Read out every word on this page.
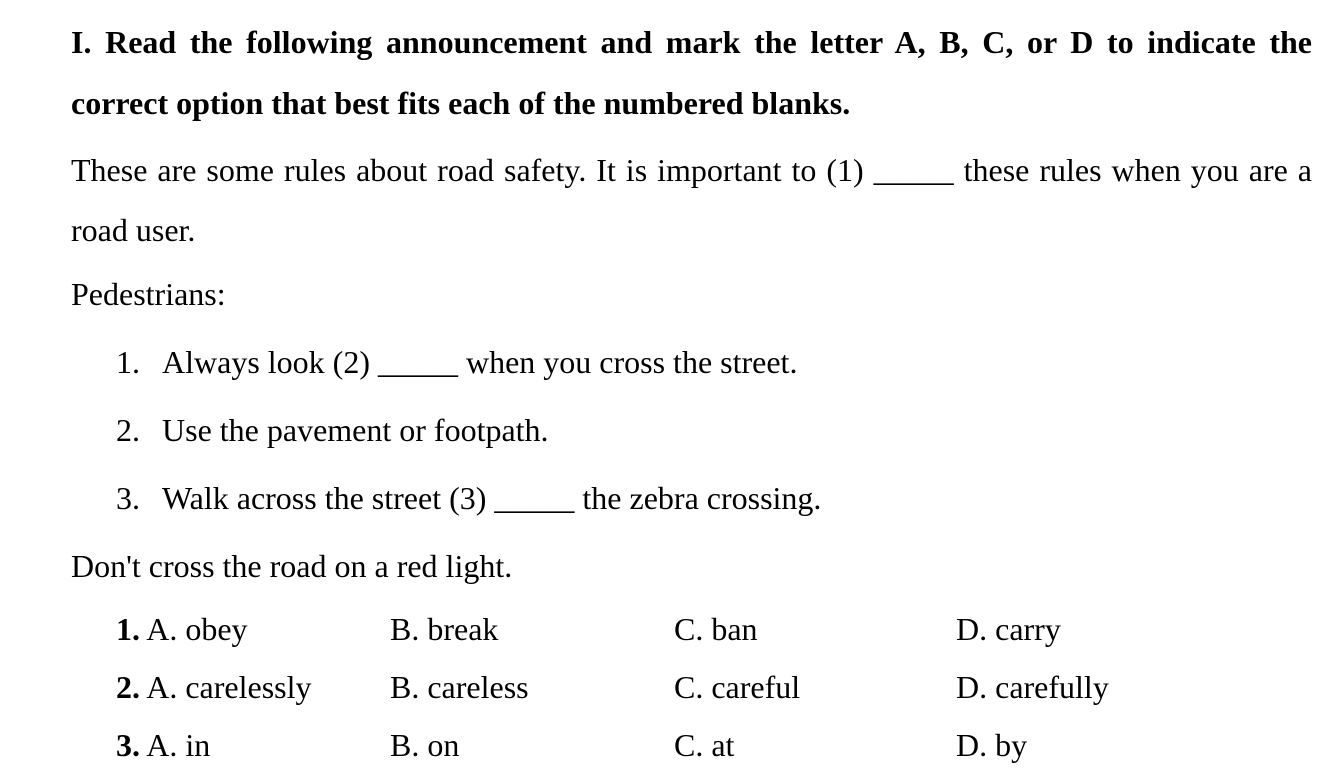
I. Read the following announcement and mark the letter A, B, C, or D to indicate the correct option that best fits each of the numbered blanks.

These are some rules about road safety. It is important to (1) _____ these rules when you are a road user.

Pedestrians:

1. Always look (2) _____ when you cross the street.

2. Use the pavement or footpath.

3. Walk across the street (3) _____ the zebra crossing.

Don't cross the road on a red light.

1. A. obey	B. break	C. ban	D. carry
2. A. carelessly B. careless	C. careful	D. carefully
3. A. in	B. on	C. at	D. by
